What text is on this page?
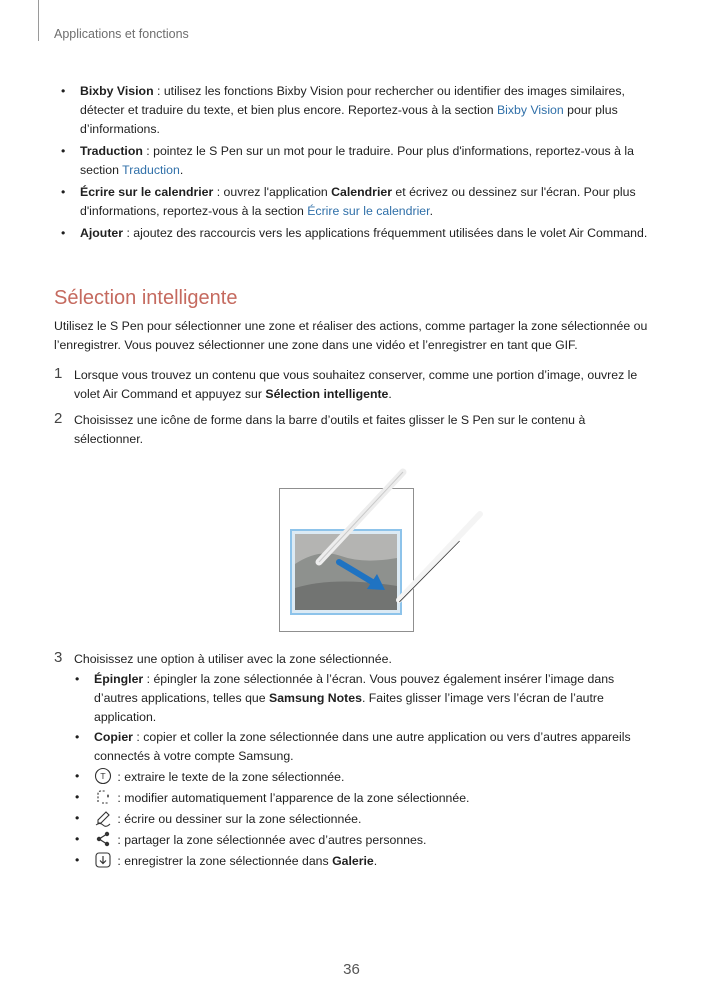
Applications et fonctions
• Bixby Vision : utilisez les fonctions Bixby Vision pour rechercher ou identifier des images similaires, détecter et traduire du texte, et bien plus encore. Reportez-vous à la section Bixby Vision pour plus d’informations.
• Traduction : pointez le S Pen sur un mot pour le traduire. Pour plus d'informations, reportez-vous à la section Traduction.
• Écrire sur le calendrier : ouvrez l'application Calendrier et écrivez ou dessinez sur l'écran. Pour plus d'informations, reportez-vous à la section Écrire sur le calendrier.
• Ajouter : ajoutez des raccourcis vers les applications fréquemment utilisées dans le volet Air Command.
Sélection intelligente

Utilisez le S Pen pour sélectionner une zone et réaliser des actions, comme partager la zone sélectionnée ou l’enregistrer. Vous pouvez sélectionner une zone dans une vidéo et l’enregistrer en tant que GIF.

1 Lorsque vous trouvez un contenu que vous souhaitez conserver, comme une portion d’image, ouvrez le volet Air Command et appuyez sur Sélection intelligente.
2 Choisissez une icône de forme dans la barre d’outils et faites glisser le S Pen sur le contenu à sélectionner.
3 Choisissez une option à utiliser avec la zone sélectionnée.
• Épingler : épingler la zone sélectionnée à l’écran. Vous pouvez également insérer l’image dans d’autres applications, telles que Samsung Notes. Faites glisser l’image vers l’écran de l’autre application.
• Copier : copier et coller la zone sélectionnée dans une autre application ou vers d’autres appareils connectés à votre compte Samsung.
• T : extraire le texte de la zone sélectionnée.
• : modifier automatiquement l’apparence de la zone sélectionnée.
• : écrire ou dessiner sur la zone sélectionnée.
• : partager la zone sélectionnée avec d’autres personnes.
• : enregistrer la zone sélectionnée dans Galerie.
36
